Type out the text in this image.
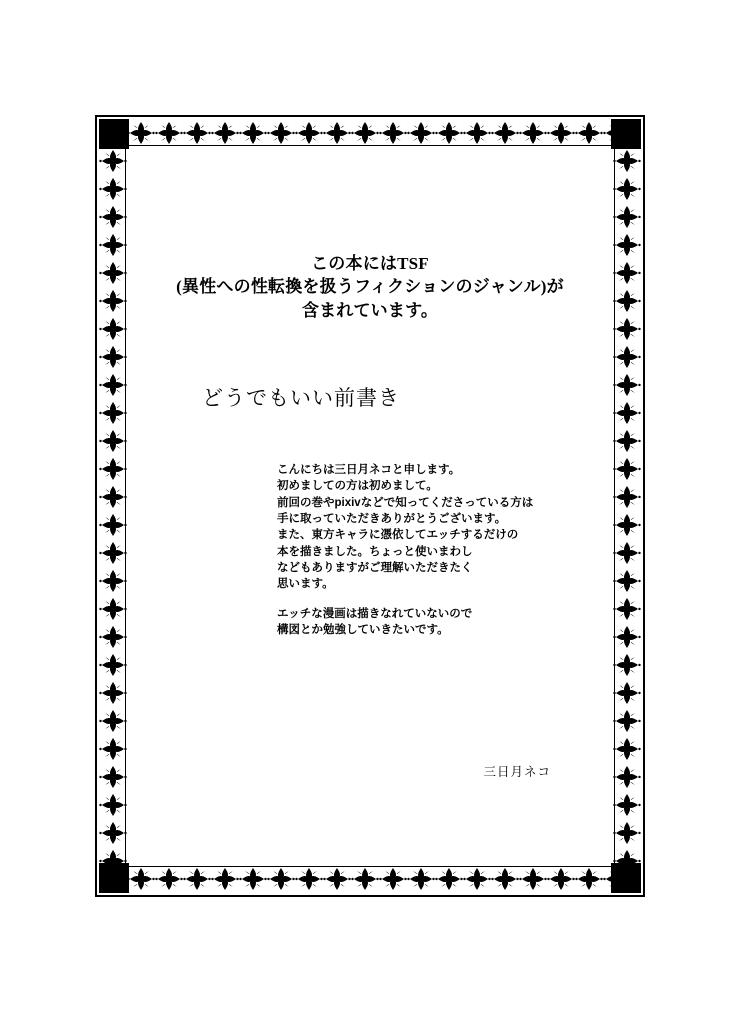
この本にはTSF
(異性への性転換を扱うフィクションのジャンル)が
含まれています。
どうでもいい前書き

こんにちは三日月ネコと申します。

初めましての方は初めまして。

前回の巻やpixivなどで知ってくださっている方は

手に取っていただきありがとうございます。

また、東方キャラに憑依してエッチするだけの

本を描きました。ちょっと使いまわし

などもありますがご理解いただきたく

思います。

エッチな漫画は描きなれていないので

構図とか勉強していきたいです。

三日月ネコ
